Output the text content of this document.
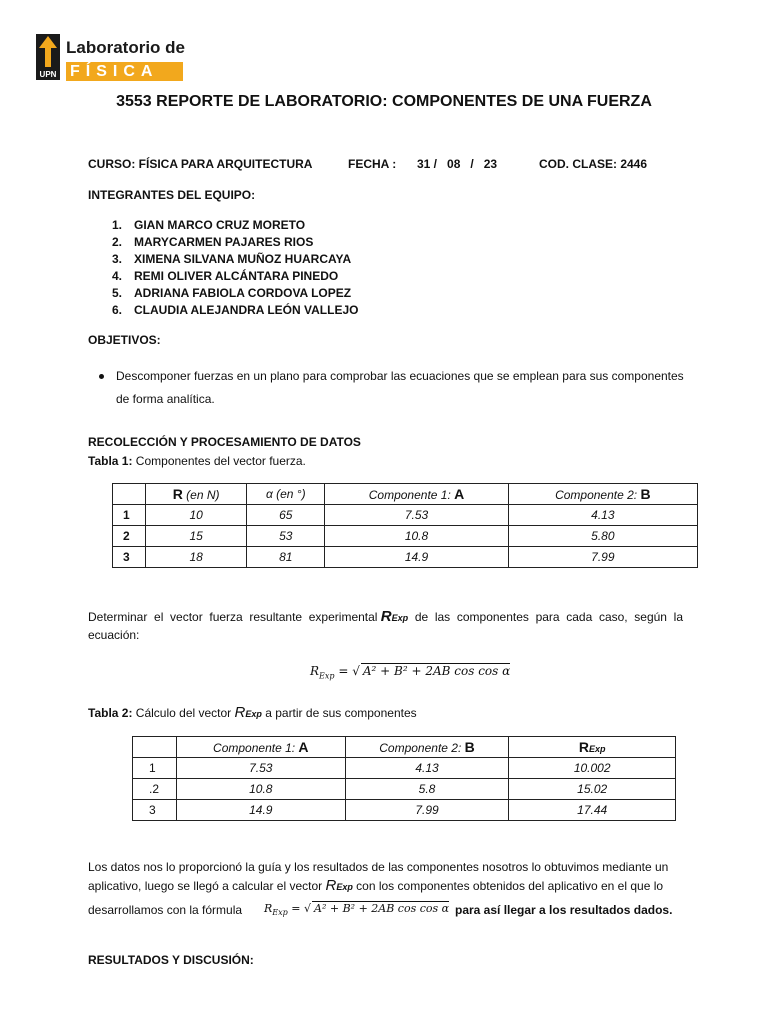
UPN
Laboratorio de
FÍSICA
3553 REPORTE DE LABORATORIO: COMPONENTES DE UNA FUERZA
CURSO: FÍSICA PARA ARQUITECTURA	FECHA : 31 /   08   /   23	COD. CLASE: 2446
INTEGRANTES DEL EQUIPO:
1. GIAN MARCO CRUZ MORETO
2. MARYCARMEN PAJARES RIOS
3. XIMENA SILVANA MUÑOZ HUARCAYA
4. REMI OLIVER ALCÁNTARA PINEDO
5. ADRIANA FABIOLA CORDOVA LOPEZ
6. CLAUDIA ALEJANDRA LEÓN VALLEJO
OBJETIVOS:
Descomponer fuerzas en un plano para comprobar las ecuaciones que se emplean para sus componentes
de forma analítica.
RECOLECCIÓN Y PROCESAMIENTO DE DATOS
Tabla 1: Componentes del vector fuerza.
	R (en N)	α (en °)	Componente 1: A	Componente 2: B
1	10	65	7.53	4.13
2	15	53	10.8	5.80
3	18	81	14.9	7.99
Determinar  el  vector  fuerza  resultante  experimental RExp  de  las  componentes  para  cada  caso,  según  la
ecuación:
$R_{Exp}$ = √ A² + B² + 2AB cos cos α
Tabla 2: Cálculo del vector RExp a partir de sus componentes
	Componente 1: A	Componente 2: B	RExp
1	7.53	4.13	10.002
.2	10.8	5.8	15.02
3	14.9	7.99	17.44
Los datos nos lo proporcionó la guía y los resultados de las componentes nosotros lo obtuvimos mediante un
aplicativo, luego se llegó a calcular el vector RExp con los componentes obtenidos del aplicativo en el que lo
desarrollamos con la fórmula $R_{Exp}$ = √ A² + B² + 2AB cos cos α para así llegar a los resultados dados.
RESULTADOS Y DISCUSIÓN:
